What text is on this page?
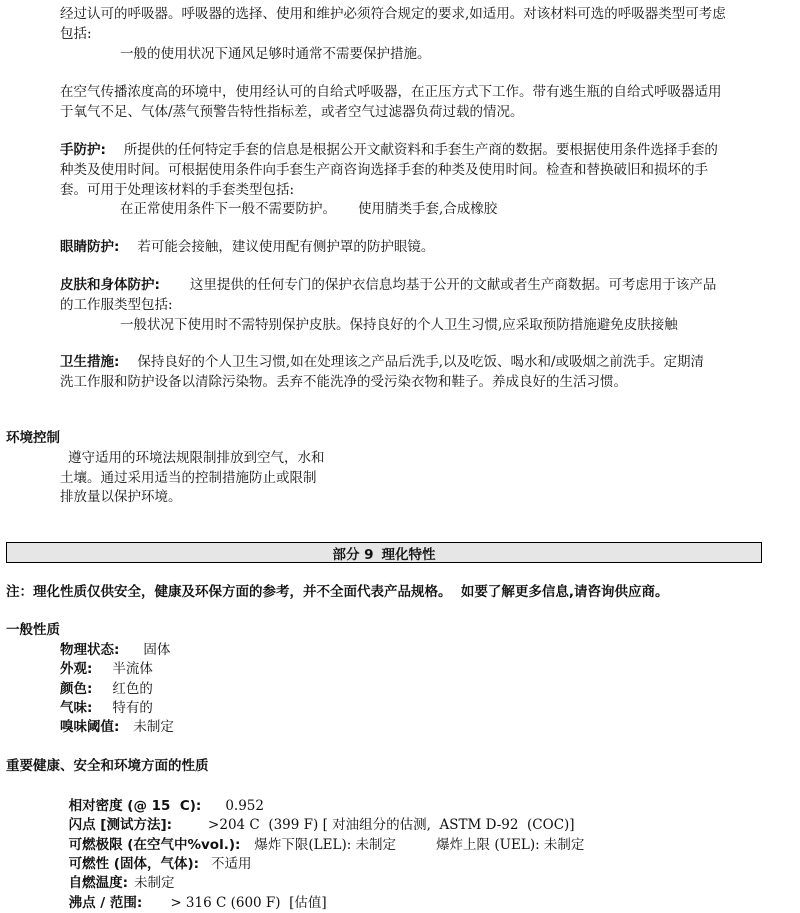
经过认可的呼吸器。呼吸器的选择、使用和维护必须符合规定的要求,如适用。对该材料可选的呼吸器类型可考虑
包括:
一般的使用状况下通风足够时通常不需要保护措施。
在空气传播浓度高的环境中，使用经认可的自给式呼吸器，在正压方式下工作。带有逃生瓶的自给式呼吸器适用
于氧气不足、气体/蒸气预警告特性指标差，或者空气过滤器负荷过载的情况。
手防护: 所提供的任何特定手套的信息是根据公开文献资料和手套生产商的数据。要根据使用条件选择手套的
种类及使用时间。可根据使用条件向手套生产商咨询选择手套的种类及使用时间。检查和替换破旧和损坏的手
套。可用于处理该材料的手套类型包括:
在正常使用条件下一般不需要防护。 使用腈类手套,合成橡胶
眼睛防护: 若可能会接触，建议使用配有侧护罩的防护眼镜。
皮肤和身体防护: 这里提供的任何专门的保护衣信息均基于公开的文献或者生产商数据。可考虑用于该产品
的工作服类型包括:
一般状况下使用时不需特别保护皮肤。保持良好的个人卫生习惯,应采取预防措施避免皮肤接触
卫生措施: 保持良好的个人卫生习惯,如在处理该之产品后洗手,以及吃饭、喝水和/或吸烟之前洗手。定期清
洗工作服和防护设备以清除污染物。丢弃不能洗净的受污染衣物和鞋子。养成良好的生活习惯。
环境控制
遵守适用的环境法规限制排放到空气，水和
土壤。通过采用适当的控制措施防止或限制
排放量以保护环境。
部分 9 理化特性
注：理化性质仅供安全，健康及环保方面的参考，并不全面代表产品规格。  如要了解更多信息,请咨询供应商。
一般性质
物理状态: 固体
外观: 半流体
颜色: 红色的
气味: 特有的
嗅味阈值: 未制定
重要健康、安全和环境方面的性质

相对密度 (@ 15  C): 0.952

闪点 [测试方法]:	>204 C  (399 F) [ 对油组分的估测,  ASTM D-92  (COC)]

可燃极限 (在空气中%vol.): 爆炸下限(LEL): 未制定	爆炸上限 (UEL): 未制定

可燃性 (固体，气体): 不适用

自燃温度: 未制定

沸点 / 范围: > 316 C (600 F)  [估值]
